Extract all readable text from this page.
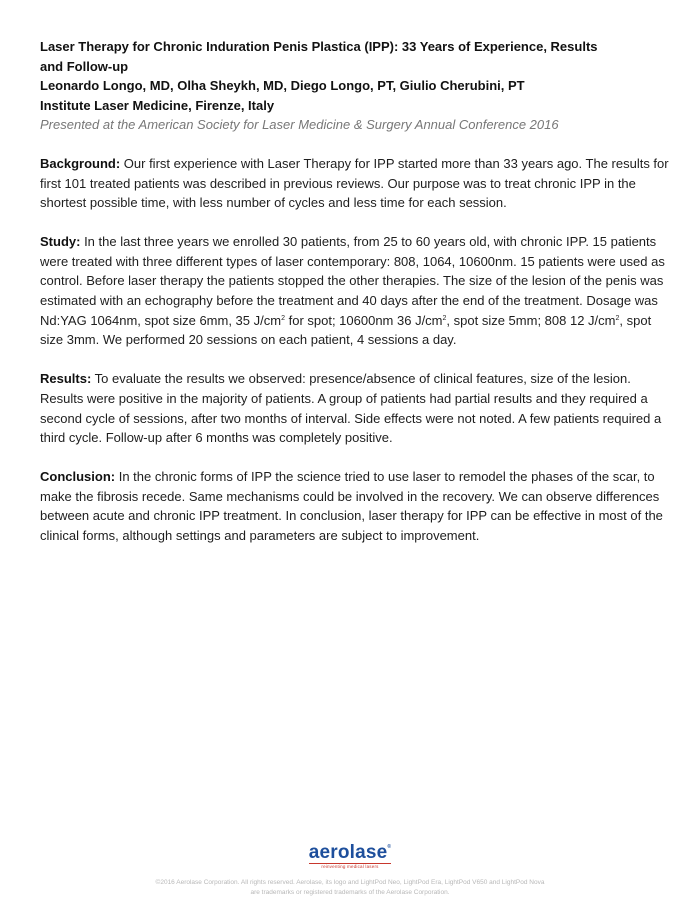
Laser Therapy for Chronic Induration Penis Plastica (IPP): 33 Years of Experience, Results
and Follow-up
Leonardo Longo, MD, Olha Sheykh, MD, Diego Longo, PT, Giulio Cherubini, PT
Institute Laser Medicine, Firenze, Italy
Presented at the American Society for Laser Medicine & Surgery Annual Conference 2016

Background: Our first experience with Laser Therapy for IPP started more than 33 years ago. The results for first 101 treated patients was described in previous reviews. Our purpose was to treat chronic IPP in the shortest possible time, with less number of cycles and less time for each session.

Study: In the last three years we enrolled 30 patients, from 25 to 60 years old, with chronic IPP. 15 patients were treated with three different types of laser contemporary: 808, 1064, 10600nm. 15 patients were used as control. Before laser therapy the patients stopped the other therapies. The size of the lesion of the penis was estimated with an echography before the treatment and 40 days after the end of the treatment. Dosage was Nd:YAG 1064nm, spot size 6mm, 35 $J/cm^2$ for spot; 10600nm 36 $J/cm^2$, spot size 5mm; 808 12 $J/cm^2$, spot size 3mm. We performed 20 sessions on each patient, 4 sessions a day.

Results: To evaluate the results we observed: presence/absence of clinical features, size of the lesion. Results were positive in the majority of patients. A group of patients had partial results and they required a second cycle of sessions, after two months of interval. Side effects were not noted. A few patients required a third cycle. Follow-up after 6 months was completely positive.

Conclusion: In the chronic forms of IPP the science tried to use laser to remodel the phases of the scar, to make the fibrosis recede. Same mechanisms could be involved in the recovery. We can observe differences between acute and chronic IPP treatment. In conclusion, laser therapy for IPP can be effective in most of the clinical forms, although settings and parameters are subject to improvement.

aerolase®
reinventing medical lasers
©2016 Aerolase Corporation. All rights reserved. Aerolase, its logo and LightPod Neo, LightPod Era, LightPod V650 and LightPod Nova
are trademarks or registered trademarks of the Aerolase Corporation.
